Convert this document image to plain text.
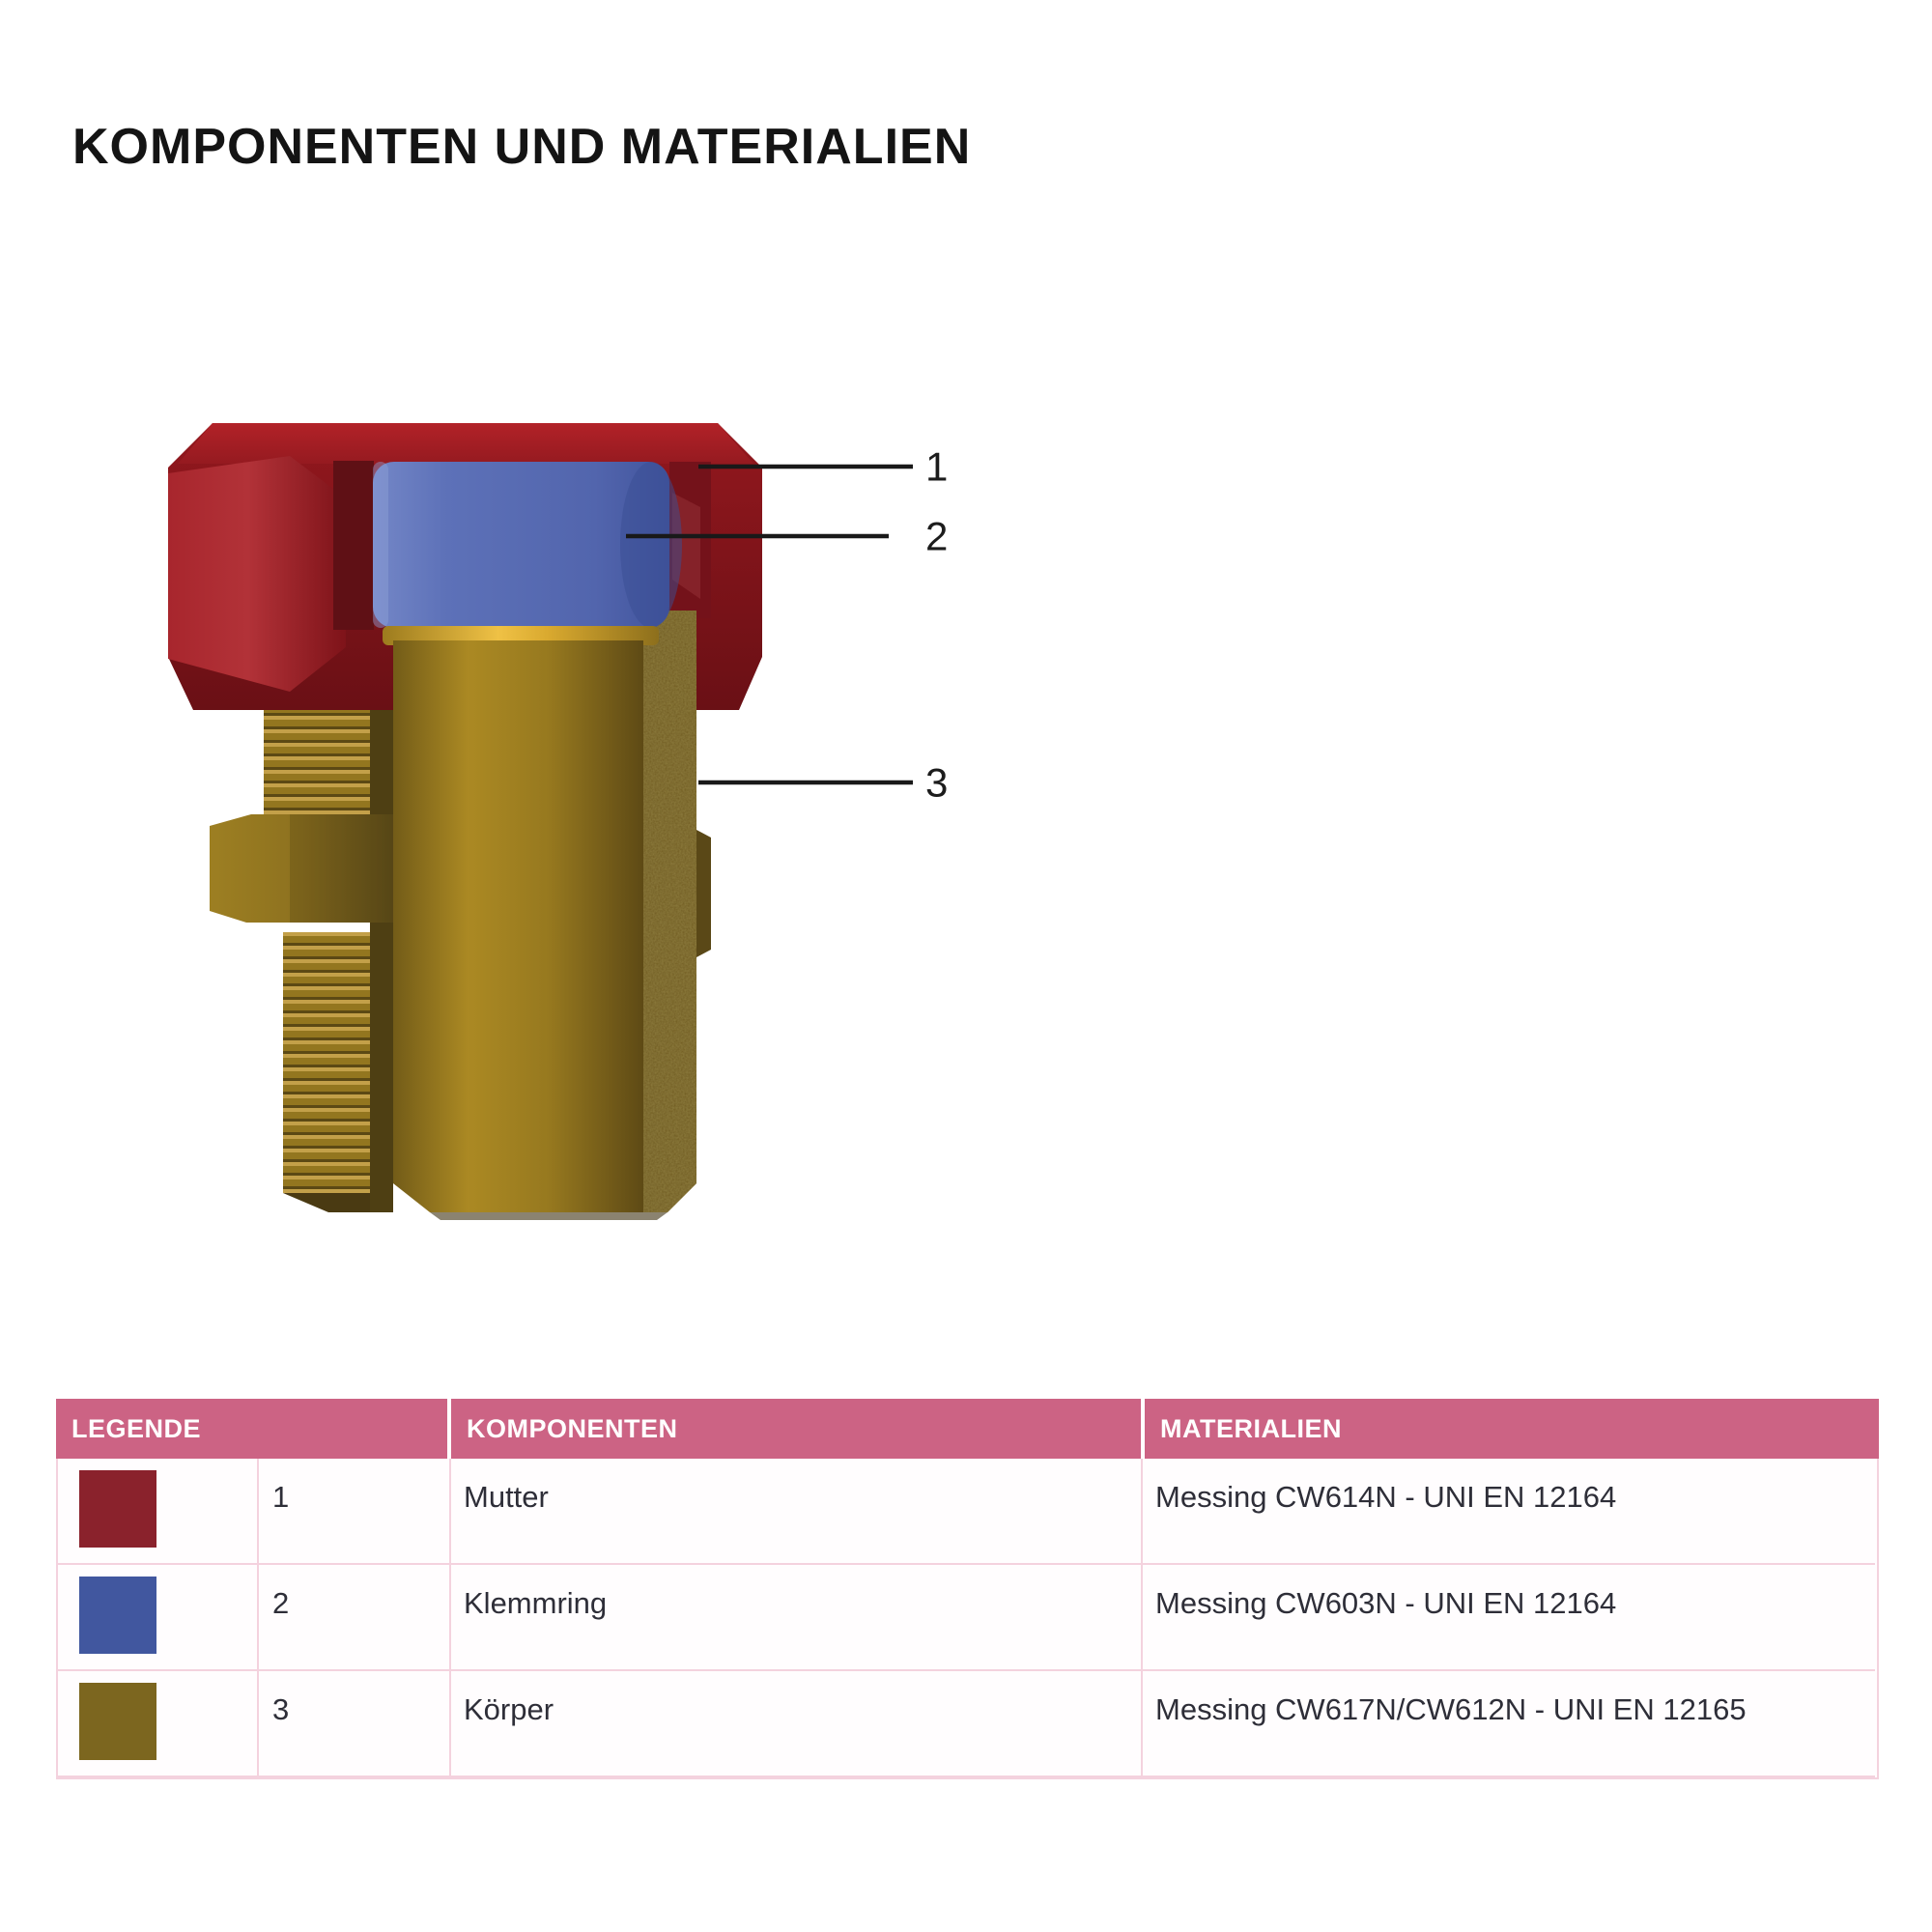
KOMPONENTEN UND MATERIALIEN
1
2
3
LEGENDE	KOMPONENTEN	MATERIALIEN
1	Mutter	Messing CW614N - UNI EN 12164
2	Klemmring	Messing CW603N - UNI EN 12164
3	Körper	Messing CW617N/CW612N - UNI EN 12165
